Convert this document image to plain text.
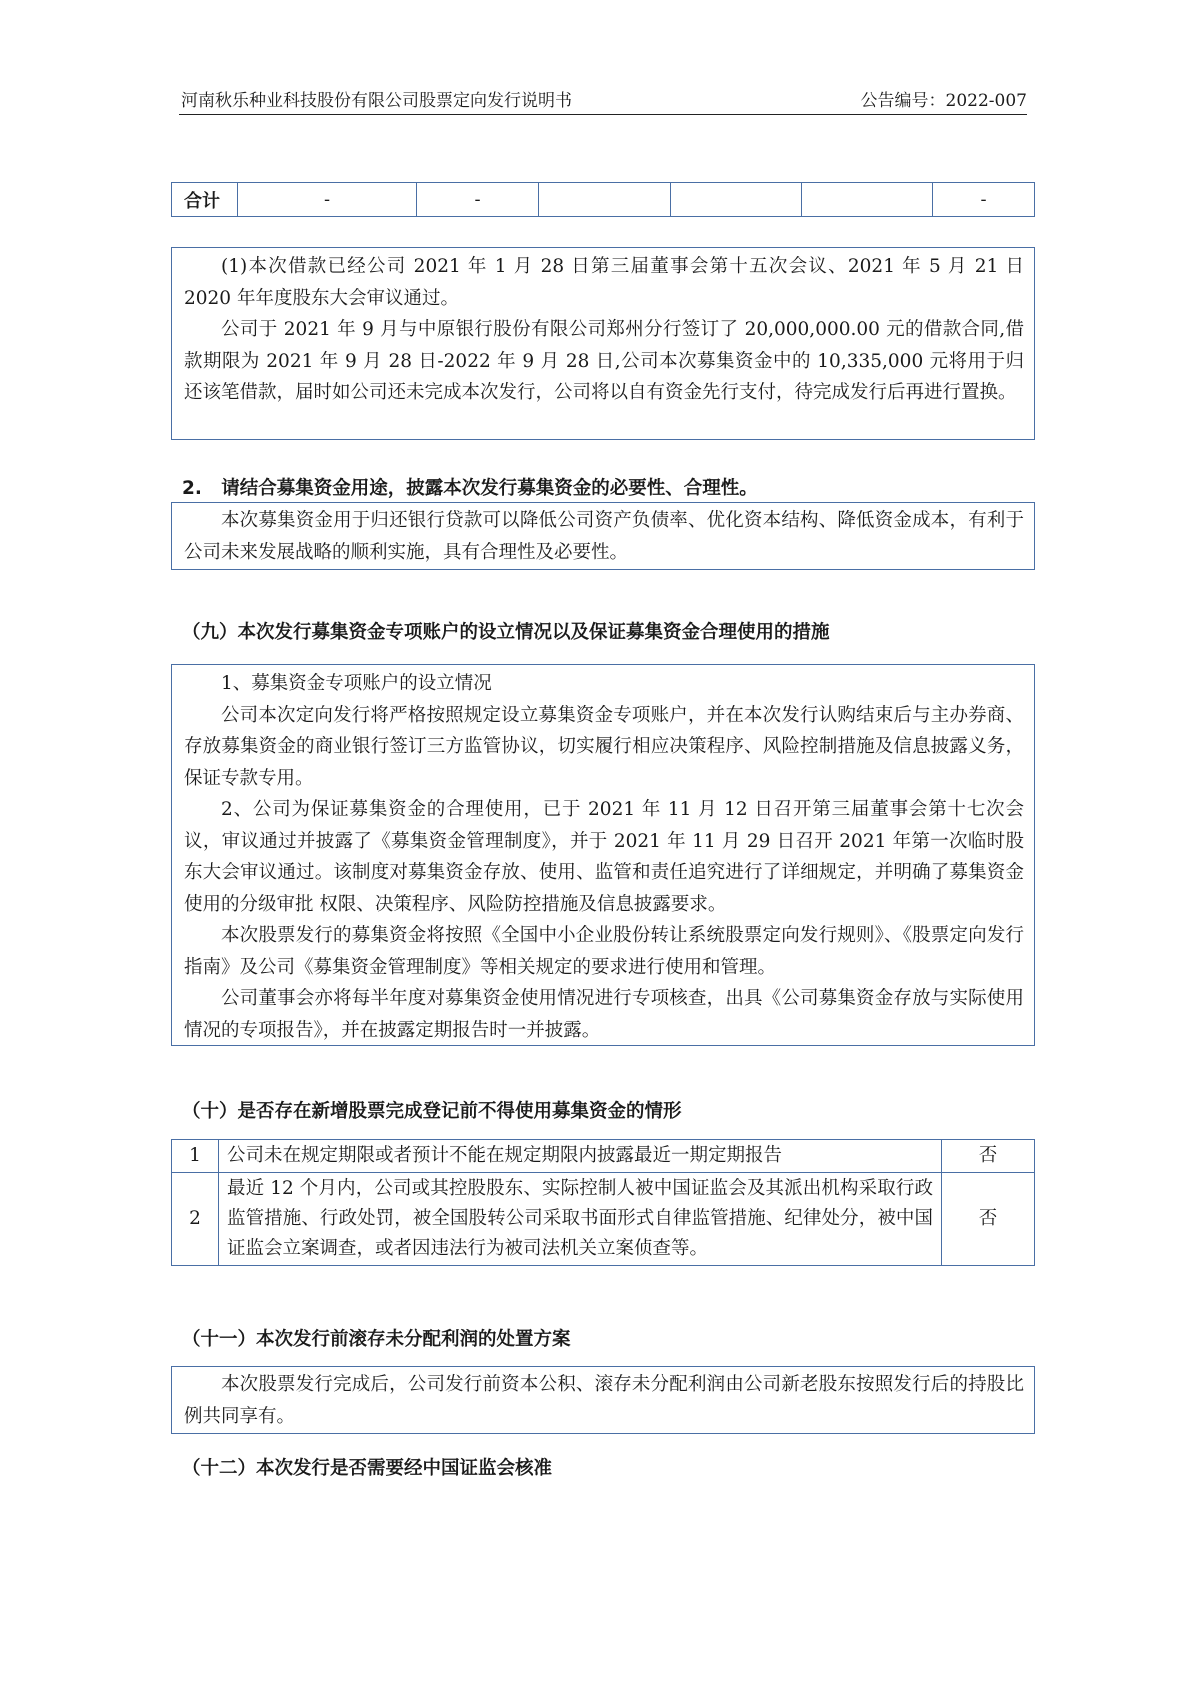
河南秋乐种业科技股份有限公司股票定向发行说明书	公告编号：2022-007
合计	-	-				-
(1)本次借款已经公司 2021 年 1 月 28 日第三届董事会第十五次会议、2021 年 5 月 21 日 2020 年年度股东大会审议通过。
公司于 2021 年 9 月与中原银行股份有限公司郑州分行签订了 20,000,000.00 元的借款合同,借款期限为 2021 年 9 月 28 日-2022 年 9 月 28 日,公司本次募集资金中的 10,335,000 元将用于归还该笔借款，届时如公司还未完成本次发行，公司将以自有资金先行支付，待完成发行后再进行置换。
2.   请结合募集资金用途，披露本次发行募集资金的必要性、合理性。
本次募集资金用于归还银行贷款可以降低公司资产负债率、优化资本结构、降低资金成本，有利于公司未来发展战略的顺利实施，具有合理性及必要性。
（九）本次发行募集资金专项账户的设立情况以及保证募集资金合理使用的措施
1、募集资金专项账户的设立情况
公司本次定向发行将严格按照规定设立募集资金专项账户，并在本次发行认购结束后与主办券商、存放募集资金的商业银行签订三方监管协议，切实履行相应决策程序、风险控制措施及信息披露义务，保证专款专用。
2、公司为保证募集资金的合理使用，已于 2021 年 11 月 12 日召开第三届董事会第十七次会议，审议通过并披露了《募集资金管理制度》，并于 2021 年 11 月 29 日召开 2021 年第一次临时股东大会审议通过。该制度对募集资金存放、使用、监管和责任追究进行了详细规定，并明确了募集资金使用的分级审批 权限、决策程序、风险防控措施及信息披露要求。
本次股票发行的募集资金将按照《全国中小企业股份转让系统股票定向发行规则》、《股票定向发行指南》及公司《募集资金管理制度》等相关规定的要求进行使用和管理。
公司董事会亦将每半年度对募集资金使用情况进行专项核查，出具《公司募集资金存放与实际使用情况的专项报告》，并在披露定期报告时一并披露。
（十）是否存在新增股票完成登记前不得使用募集资金的情形
1	公司未在规定期限或者预计不能在规定期限内披露最近一期定期报告	否
2	最近 12 个月内，公司或其控股股东、实际控制人被中国证监会及其派出机构采取行政监管措施、行政处罚，被全国股转公司采取书面形式自律监管措施、纪律处分，被中国证监会立案调查，或者因违法行为被司法机关立案侦查等。	否
（十一）本次发行前滚存未分配利润的处置方案
本次股票发行完成后，公司发行前资本公积、滚存未分配利润由公司新老股东按照发行后的持股比例共同享有。
（十二）本次发行是否需要经中国证监会核准
